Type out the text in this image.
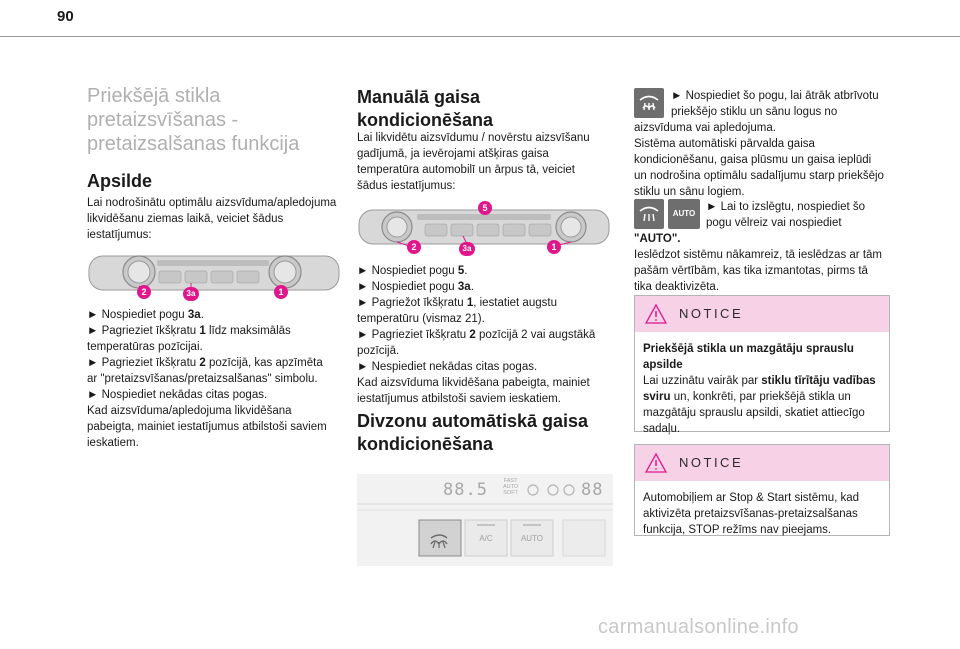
90
Priekšējā stikla
pretaizsvīšanas -
pretaizsalšanas funkcija
Apsilde
Lai nodrošinātu optimālu aizsvīduma/apledojuma
likvidēšanu ziemas laikā, veiciet šādus
iestatījumus:
2	3a	1
► Nospiediet pogu 3a.
► Pagrieziet īkšķratu 1 līdz maksimālās
temperatūras pozīcijai.
► Pagrieziet īkšķratu 2 pozīcijā, kas apzīmēta
ar "pretaizsvīšanas/pretaizsalšanas" simbolu.
► Nospiediet nekādas citas pogas.
Kad aizsvīduma/apledojuma likvidēšana
pabeigta, mainiet iestatījumus atbilstoši saviem
ieskatiem.
Manuālā gaisa
kondicionēšana
Lai likvidētu aizsvīdumu / novērstu aizsvīšanu
gadījumā, ja ievērojami atšķiras gaisa
temperatūra automobilī un ārpus tā, veiciet
šādus iestatījumus:
5
2	3a	1
► Nospiediet pogu 5.
► Nospiediet pogu 3a.
► Pagriežot īkšķratu 1, iestatiet augstu
temperatūru (vismaz 21).
► Pagrieziet īkšķratu 2 pozīcijā 2 vai augstākā
pozīcijā.
► Nespiediet nekādas citas pogas.
Kad aizsvīduma likvidēšana pabeigta, mainiet
iestatījumus atbilstoši saviem ieskatiem.
Divzonu automātiskā gaisa
kondicionēšana
88.5	FAST
AUTO
SOFT	88
A/C	AUTO
► Nospiediet šo pogu, lai ātrāk atbrīvotu
priekšējo stiklu un sānu logus no
aizsvīduma vai apledojuma.
Sistēma automātiski pārvalda gaisa
kondicionēšanu, gaisa plūsmu un gaisa ieplūdi
un nodrošina optimālu sadalījumu starp priekšējo
stiklu un sānu logiem.
AUTO
► Lai to izslēgtu, nospiediet šo
pogu vēlreiz vai nospiediet
"AUTO".
Ieslēdzot sistēmu nākamreiz, tā ieslēdzas ar tām
pašām vērtībām, kas tika izmantotas, pirms tā
tika deaktivizēta.
NOTICE
Priekšējā stikla un mazgātāju sprauslu
apsilde
Lai uzzinātu vairāk par stiklu tīrītāju vadības
sviru un, konkrēti, par priekšējā stikla un
mazgātāju sprauslu apsildi, skatiet attiecīgo
sadaļu.
NOTICE
Automobiļiem ar Stop & Start sistēmu, kad
aktivizēta pretaizsvīšanas-pretaizsalšanas
funkcija, STOP režīms nav pieejams.
carmanualsonline.info
